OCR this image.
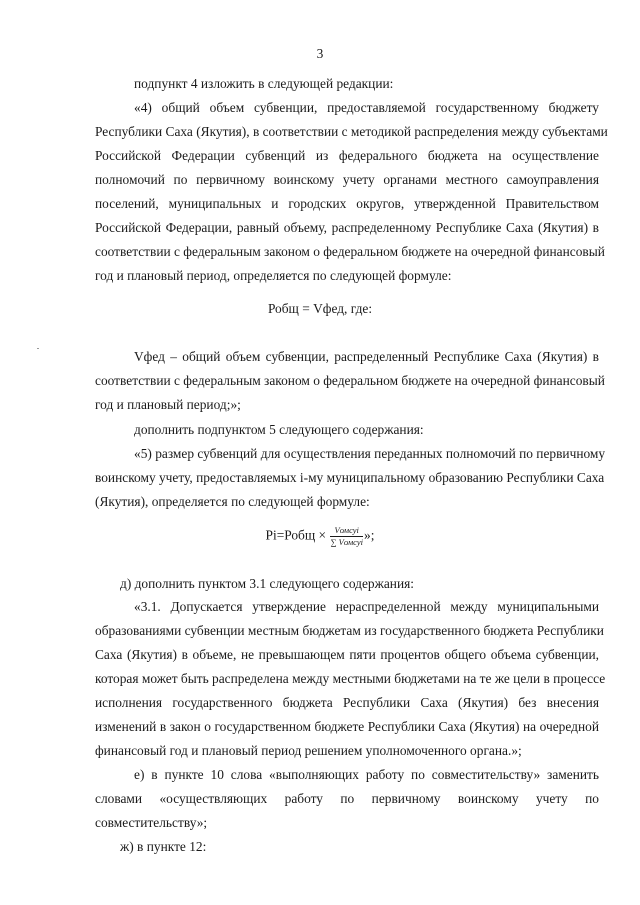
3
подпункт 4 изложить в следующей редакции:
«4) общий объем субвенции, предоставляемой государственному бюджету
Республики Саха (Якутия), в соответствии с методикой распределения между субъектами
Российской Федерации субвенций из федерального бюджета на осуществление
полномочий по первичному воинскому учету органами местного самоуправления
поселений, муниципальных и городских округов, утвержденной Правительством
Российской Федерации, равный объему, распределенному Республике Саха (Якутия) в
соответствии с федеральным законом о федеральном бюджете на очередной финансовый
год и плановый период, определяется по следующей формуле:
Робщ = Vфед, где:
Vфед – общий объем субвенции, распределенный Республике Саха (Якутия) в
соответствии с федеральным законом о федеральном бюджете на очередной финансовый
год и плановый период;»;
дополнить подпунктом 5 следующего содержания:
«5) размер субвенций для осуществления переданных полномочий по первичному
воинскому учету, предоставляемых i-му муниципальному образованию Республики Саха
(Якутия), определяется по следующей формуле:
Pi=Робщ × $\frac{\text{Vомсуi}}{\text{∑ Vомсуi}}$ »;
д) дополнить пунктом 3.1 следующего содержания:
«3.1. Допускается утверждение нераспределенной между муниципальными
образованиями субвенции местным бюджетам из государственного бюджета Республики
Саха (Якутия) в объеме, не превышающем пяти процентов общего объема субвенции,
которая может быть распределена между местными бюджетами на те же цели в процессе
исполнения государственного бюджета Республики Саха (Якутия) без внесения
изменений в закон о государственном бюджете Республики Саха (Якутия) на очередной
финансовый год и плановый период решением уполномоченного органа.»;
е) в пункте 10 слова «выполняющих работу по совместительству» заменить
словами «осуществляющих работу по первичному воинскому учету по
совместительству»;
ж) в пункте 12:
